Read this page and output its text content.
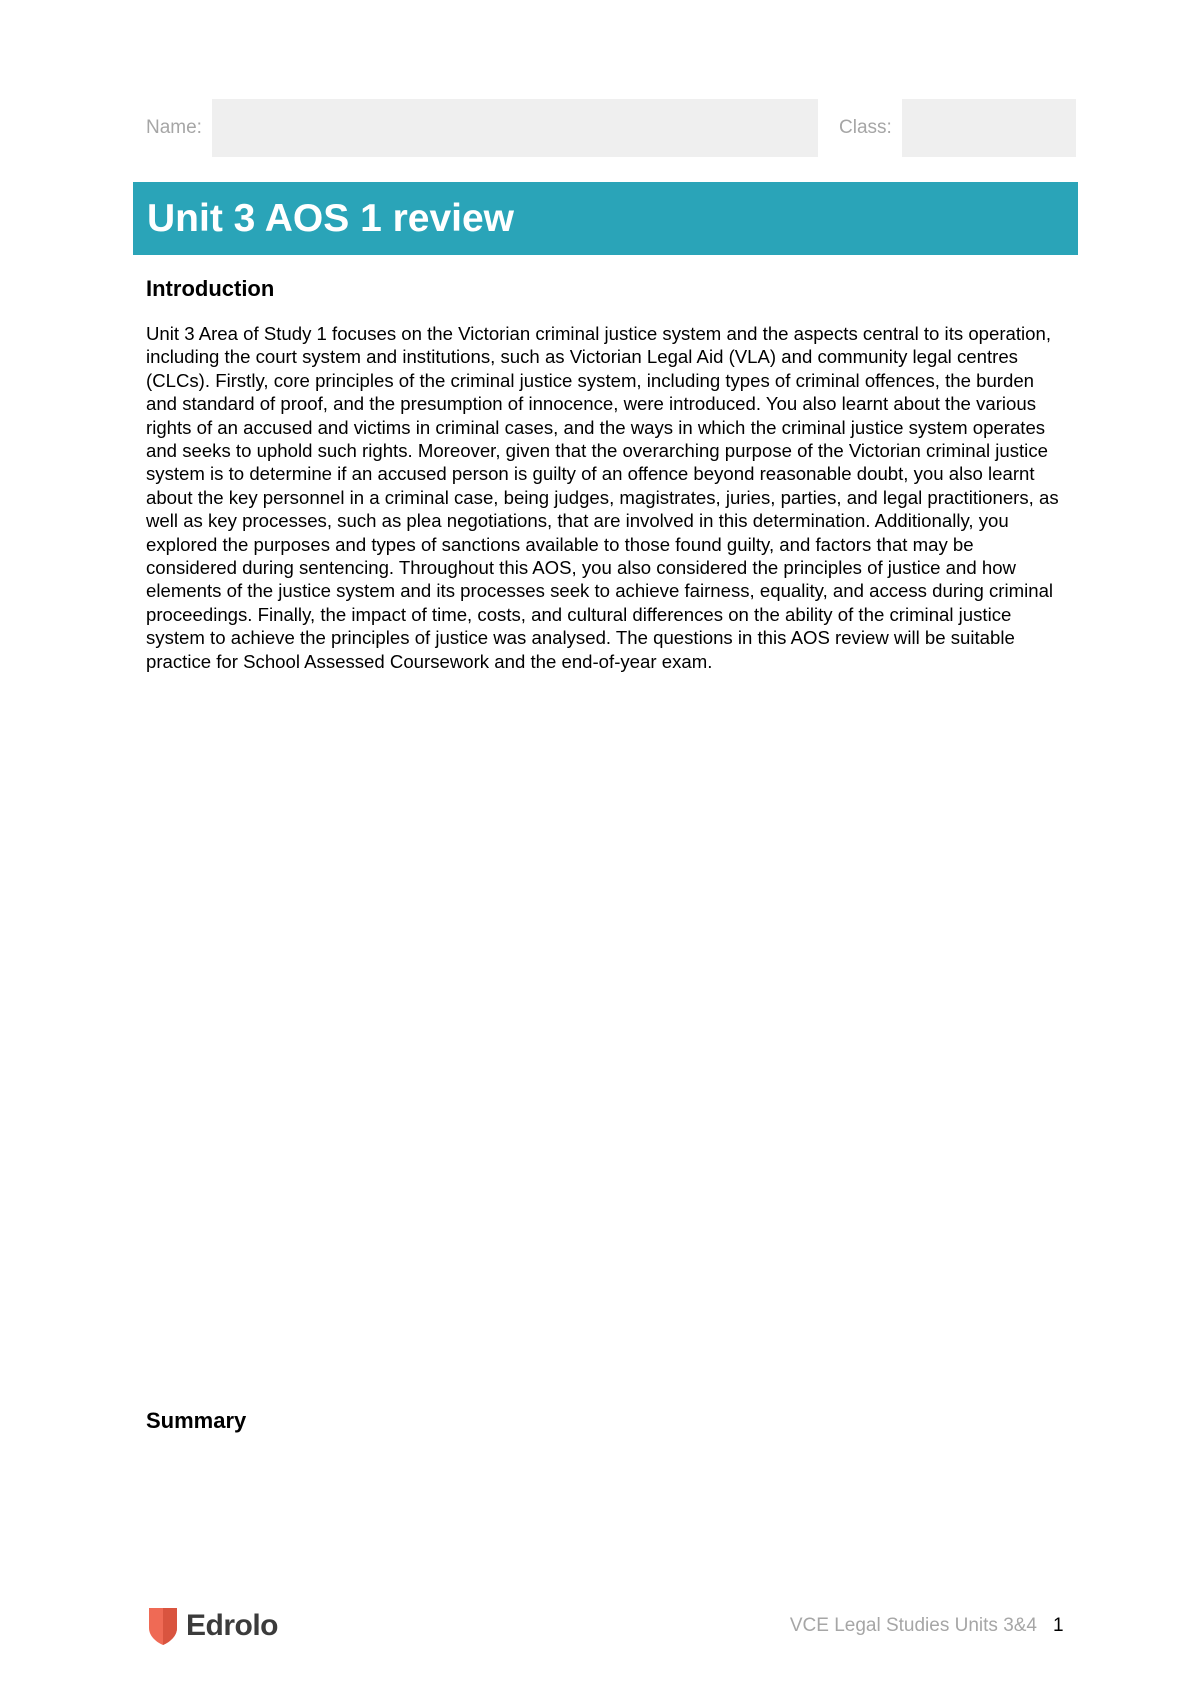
Name:	Class:
Unit 3 AOS 1 review
Introduction
Unit 3 Area of Study 1 focuses on the Victorian criminal justice system and the aspects central to its operation, including the court system and institutions, such as Victorian Legal Aid (VLA) and community legal centres (CLCs). Firstly, core principles of the criminal justice system, including types of criminal offences, the burden and standard of proof, and the presumption of innocence, were introduced. You also learnt about the various rights of an accused and victims in criminal cases, and the ways in which the criminal justice system operates and seeks to uphold such rights. Moreover, given that the overarching purpose of the Victorian criminal justice system is to determine if an accused person is guilty of an offence beyond reasonable doubt, you also learnt about the key personnel in a criminal case, being judges, magistrates, juries, parties, and legal practitioners, as well as key processes, such as plea negotiations, that are involved in this determination. Additionally, you explored the purposes and types of sanctions available to those found guilty, and factors that may be considered during sentencing. Throughout this AOS, you also considered the principles of justice and how elements of the justice system and its processes seek to achieve fairness, equality, and access during criminal proceedings. Finally, the impact of time, costs, and cultural differences on the ability of the criminal justice system to achieve the principles of justice was analysed. The questions in this AOS review will be suitable practice for School Assessed Coursework and the end-of-year exam.
Summary
Edrolo	VCE Legal Studies Units 3&4 1
